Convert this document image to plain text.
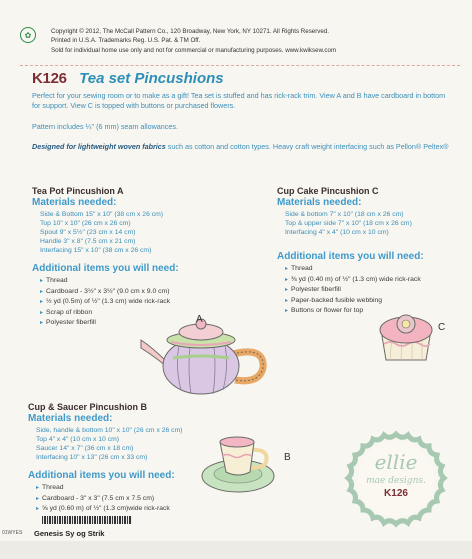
✿	Copyright © 2012, The McCall Pattern Co., 120 Broadway, New York, NY 10271. All Rights Reserved.
Printed in U.S.A. Trademarks Reg. U.S. Pat. & TM Off.
Sold for individual home use only and not for commercial or manufacturing purposes. www.kwiksew.com
K126 Tea set Pincushions
Perfect for your sewing room or to make as a gift! Tea set is stuffed and has rick-rack trim. View A and B have cardboard in bottom for support. View C is topped with buttons or purchased flowers.
Pattern includes ¼" (6 mm) seam allowances.
Designed for lightweight woven fabrics such as cotton and cotton types. Heavy craft weight interfacing such as Pellon® Peltex®
Tea Pot Pincushion A
Materials needed:
Side & Bottom 15" x 10" (38 cm x 26 cm)
Top 10" x 10" (26 cm x 26 cm)
Spout 9" x 5½" (23 cm x 14 cm)
Handle 3" x 8" (7.5 cm x 21 cm)
Interfacing 15" x 10" (38 cm x 26 cm)
Additional items you will need:
▸ Thread
▸ Cardboard - 3½" x 3½" (9.0 cm x 9.0 cm)
▸ ½ yd (0.5m) of ½" (1.3 cm) wide rick-rack
▸ Scrap of ribbon
▸ Polyester fiberfill
Cup Cake Pincushion C
Materials needed:
Side & bottom 7" x 10" (18 cm x 26 cm)
Top & upper side 7" x 10" (18 cm x 26 cm)
Interfacing 4" x 4" (10 cm x 10 cm)
Additional items you will need:
▸ Thread
▸ ⅜ yd (0.40 m) of ½" (1.3 cm) wide rick-rack
▸ Polyester fiberfill
▸ Paper-backed fusible webbing
▸ Buttons or flower for top
Cup & Saucer Pincushion B
Materials needed:
Side, handle & bottom 10" x 10" (26 cm x 26 cm)
Top 4" x 4" (10 cm x 10 cm)
Saucer 14" x 7" (36 cm x 18 cm)
Interfacing 10" x 13" (26 cm x 33 cm)
Additional items you will need:
▸ Thread
▸ Cardboard - 3" x 3" (7.5 cm x 7.5 cm)
▸ ⅝ yd (0.60 m) of ½" (1.3 cm)wide rick-rack
A
C
B	ellie
mae designs.
K126
01WYES Genesis Sy og Strik
